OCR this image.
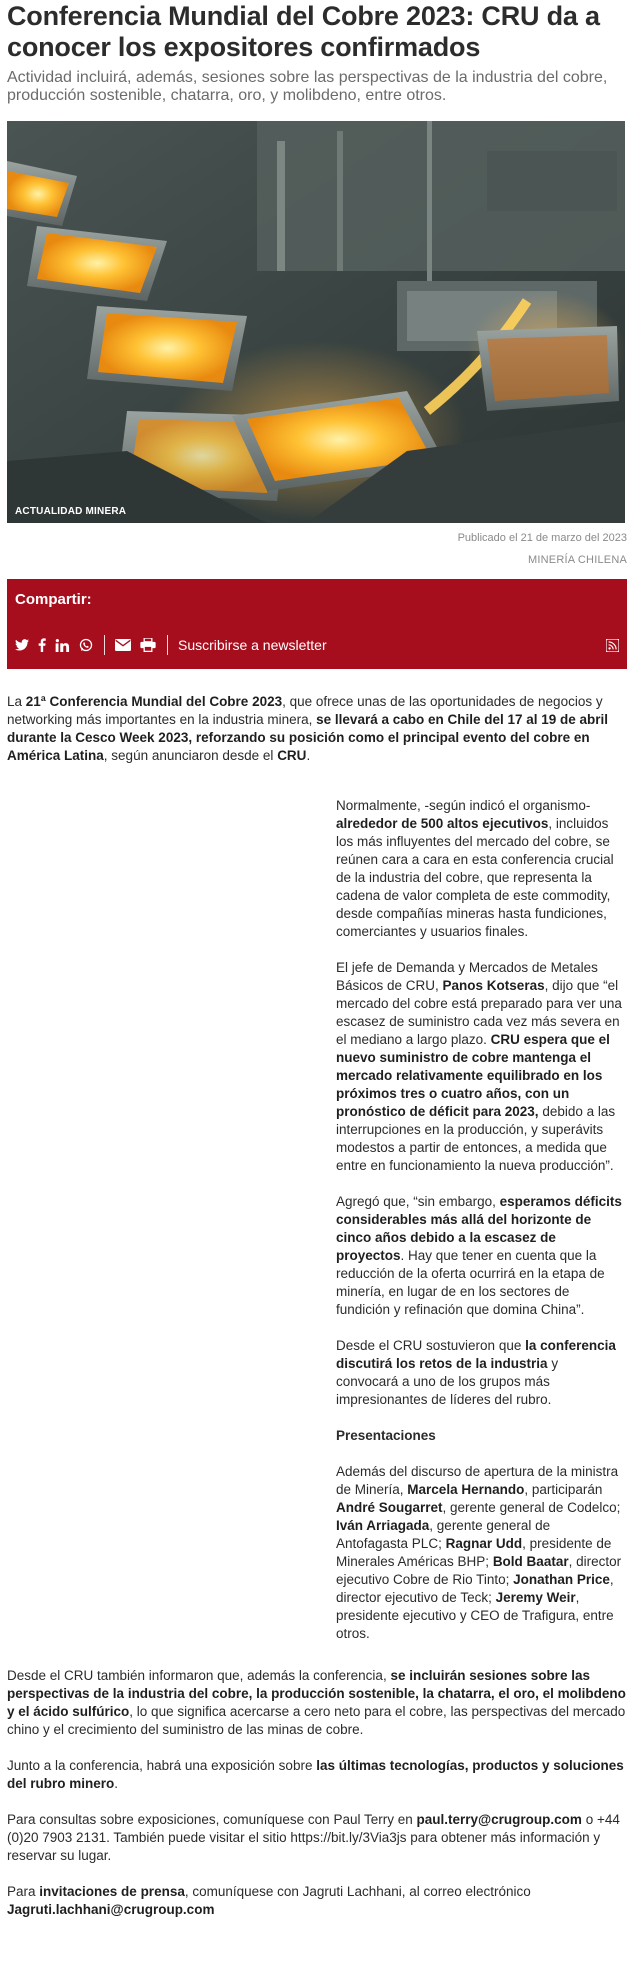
Conferencia Mundial del Cobre 2023: CRU da a conocer los expositores confirmados

Actividad incluirá, además, sesiones sobre las perspectivas de la industria del cobre, producción sostenible, chatarra, oro, y molibdeno, entre otros.

ACTUALIDAD MINERA
Publicado el 21 de marzo del 2023
MINERÍA CHILENA
Compartir:
Suscribirse a newsletter

La 21ª Conferencia Mundial del Cobre 2023, que ofrece unas de las oportunidades de negocios y networking más importantes en la industria minera, se llevará a cabo en Chile del 17 al 19 de abril durante la Cesco Week 2023, reforzando su posición como el principal evento del cobre en América Latina, según anunciaron desde el CRU.

Normalmente, -según indicó el organismo- alrededor de 500 altos ejecutivos, incluidos los más influyentes del mercado del cobre, se reúnen cara a cara en esta conferencia crucial de la industria del cobre, que representa la cadena de valor completa de este commodity, desde compañías mineras hasta fundiciones, comerciantes y usuarios finales.

El jefe de Demanda y Mercados de Metales Básicos de CRU, Panos Kotseras, dijo que “el mercado del cobre está preparado para ver una escasez de suministro cada vez más severa en el mediano a largo plazo. CRU espera que el nuevo suministro de cobre mantenga el mercado relativamente equilibrado en los próximos tres o cuatro años, con un pronóstico de déficit para 2023, debido a las interrupciones en la producción, y superávits modestos a partir de entonces, a medida que entre en funcionamiento la nueva producción”.

Agregó que, “sin embargo, esperamos déficits considerables más allá del horizonte de cinco años debido a la escasez de proyectos. Hay que tener en cuenta que la reducción de la oferta ocurrirá en la etapa de minería, en lugar de en los sectores de fundición y refinación que domina China”.

Desde el CRU sostuvieron que la conferencia discutirá los retos de la industria y convocará a uno de los grupos más impresionantes de líderes del rubro.

Presentaciones

Además del discurso de apertura de la ministra de Minería, Marcela Hernando, participarán André Sougarret, gerente general de Codelco; Iván Arriagada, gerente general de Antofagasta PLC; Ragnar Udd, presidente de Minerales Américas BHP; Bold Baatar, director ejecutivo Cobre de Rio Tinto; Jonathan Price, director ejecutivo de Teck; Jeremy Weir, presidente ejecutivo y CEO de Trafigura, entre otros.

Desde el CRU también informaron que, además la conferencia, se incluirán sesiones sobre las perspectivas de la industria del cobre, la producción sostenible, la chatarra, el oro, el molibdeno y el ácido sulfúrico, lo que significa acercarse a cero neto para el cobre, las perspectivas del mercado chino y el crecimiento del suministro de las minas de cobre.

Junto a la conferencia, habrá una exposición sobre las últimas tecnologías, productos y soluciones del rubro minero.

Para consultas sobre exposiciones, comuníquese con Paul Terry en paul.terry@crugroup.com o +44 (0)20 7903 2131. También puede visitar el sitio https://bit.ly/3Via3js para obtener más información y reservar su lugar.

Para invitaciones de prensa, comuníquese con Jagruti Lachhani, al correo electrónico Jagruti.lachhani@crugroup.com
